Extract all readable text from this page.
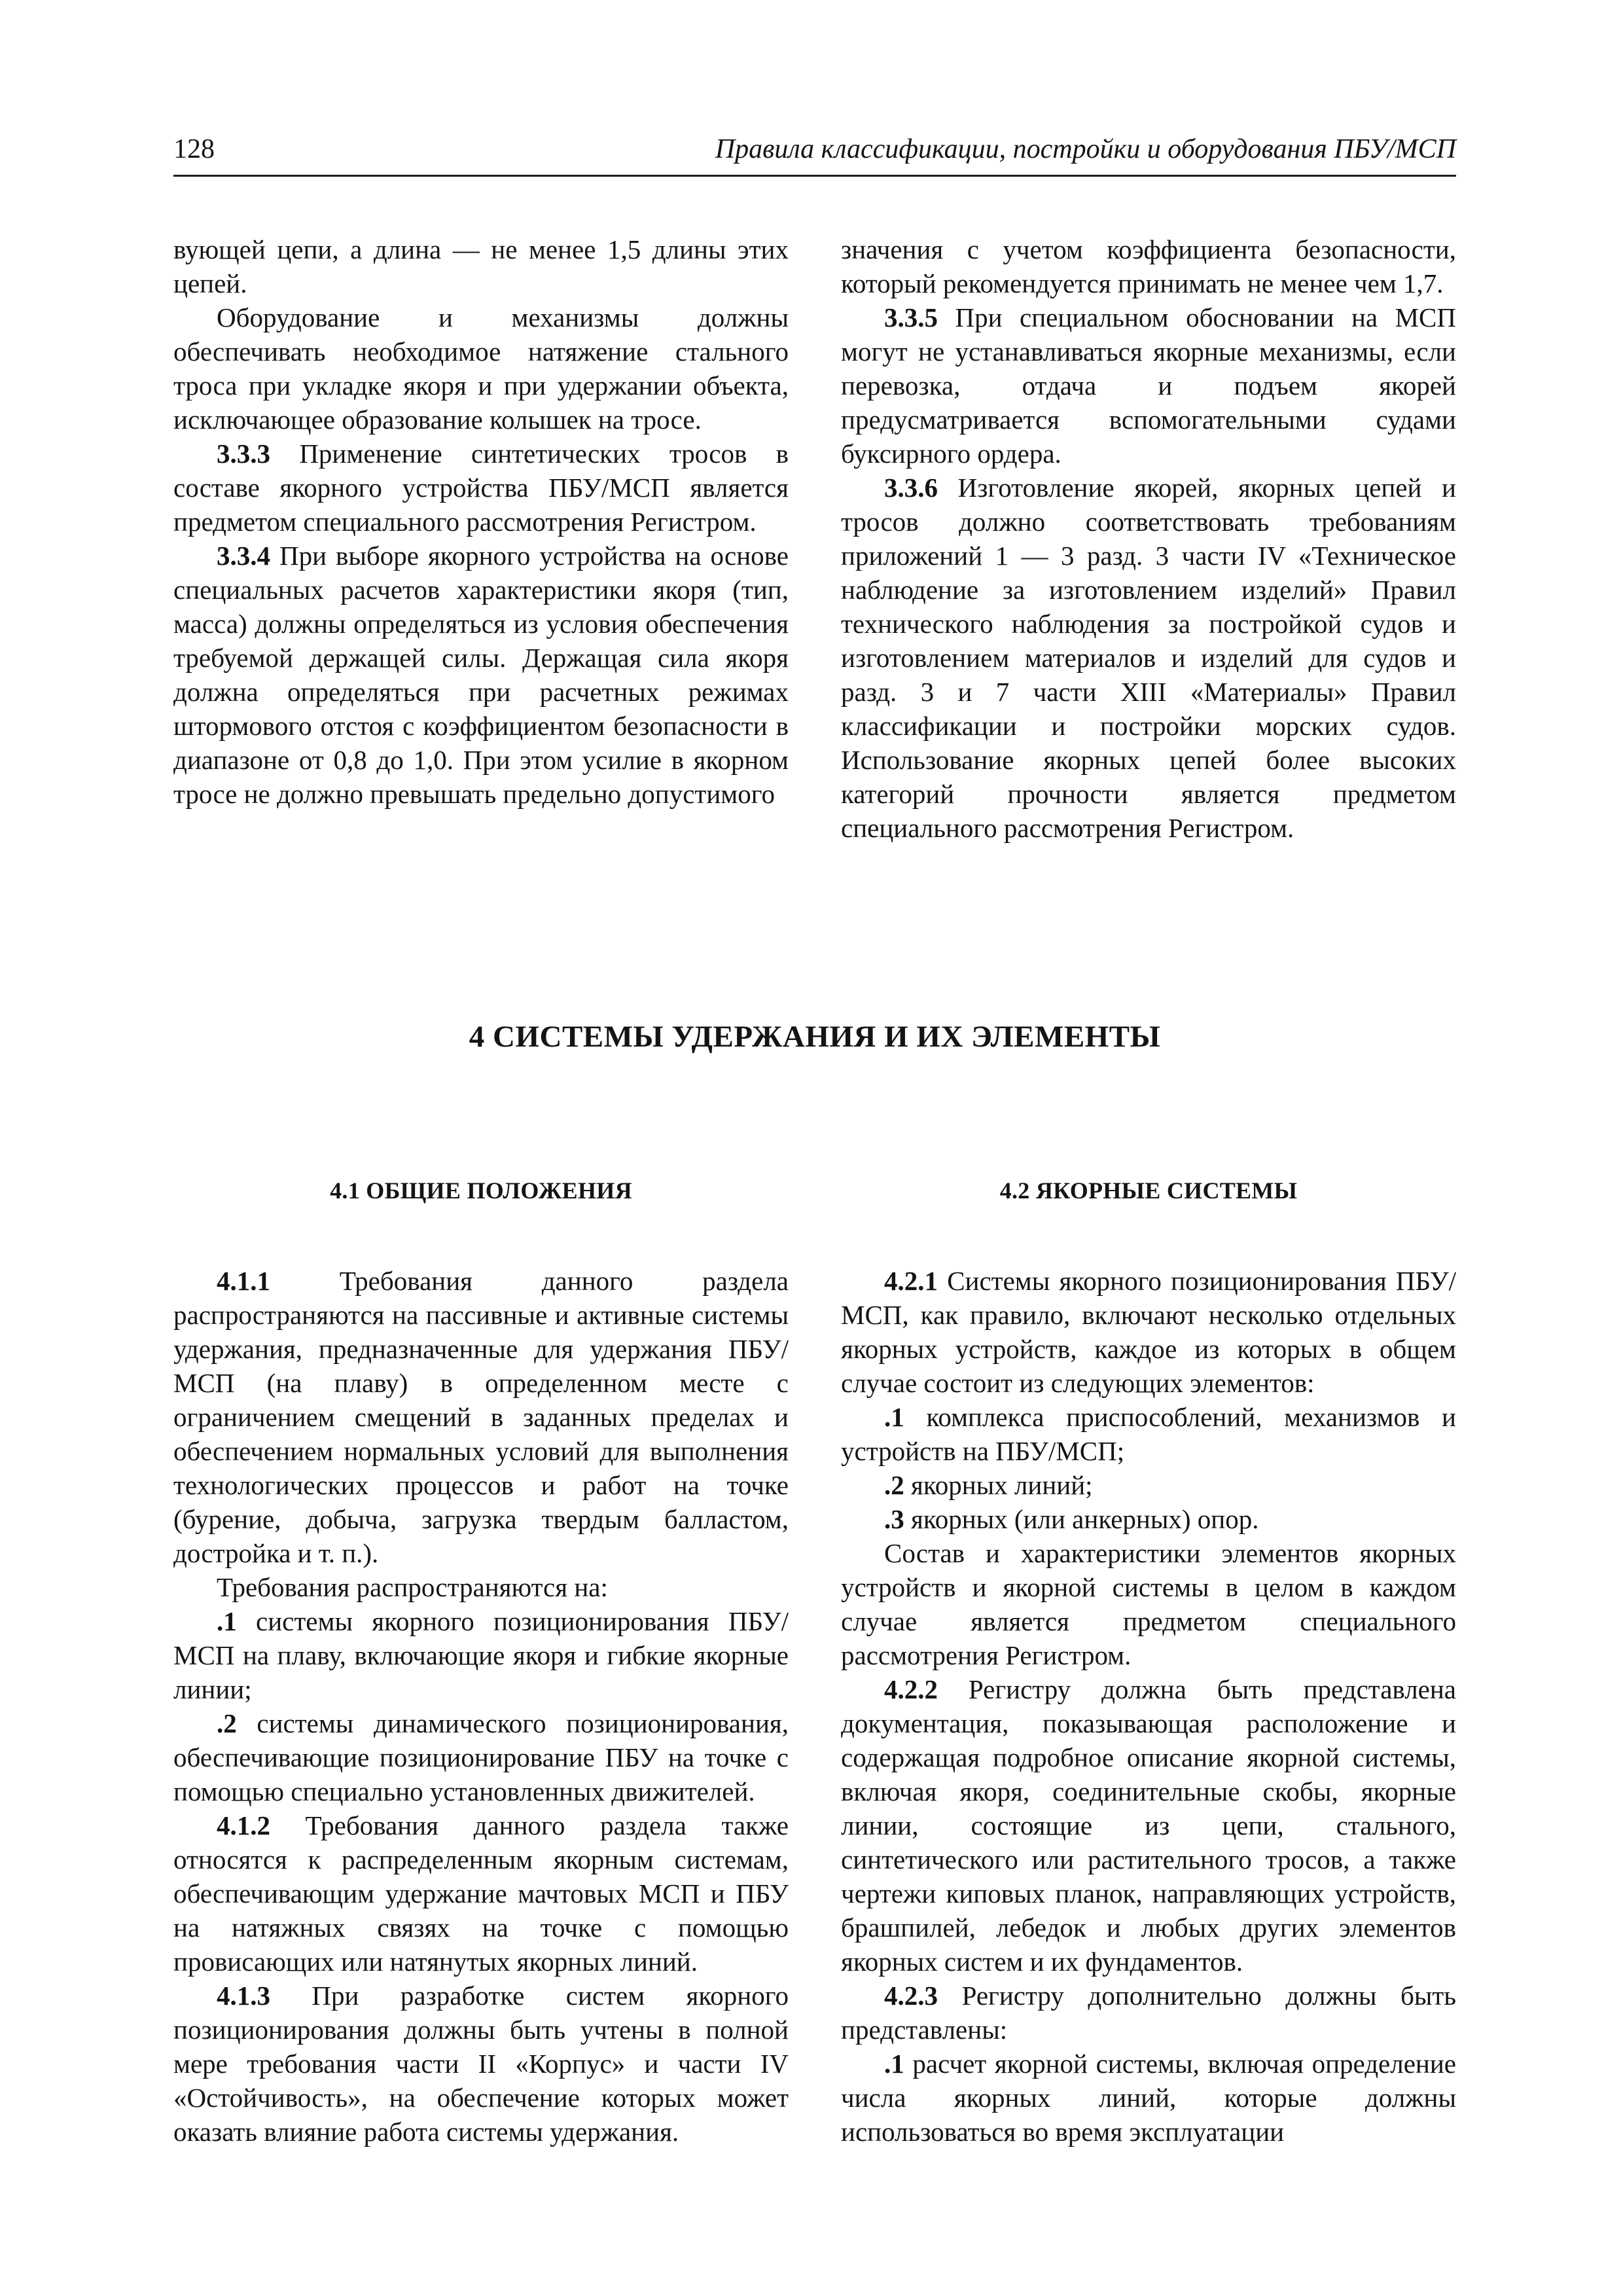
128	Правила классификации, постройки и оборудования ПБУ/МСП

вующей цепи, а длина — не менее 1,5 длины этих цепей.

Оборудование и механизмы должны обеспечивать необходимое натяжение стального троса при укладке якоря и при удержании объекта, исключающее образование колышек на тросе.

3.3.3 Применение синтетических тросов в составе якорного устройства ПБУ/МСП является предметом специального рассмотрения Регистром.

3.3.4 При выборе якорного устройства на основе специальных расчетов характеристики якоря (тип, масса) должны определяться из условия обеспечения требуемой держащей силы. Держащая сила якоря должна определяться при расчетных режимах штормового отстоя с коэффициентом безопасности в диапазоне от 0,8 до 1,0. При этом усилие в якорном тросе не должно превышать предельно допустимого

значения с учетом коэффициента безопасности, который рекомендуется принимать не менее чем 1,7.

3.3.5 При специальном обосновании на МСП могут не устанавливаться якорные механизмы, если перевозка, отдача и подъем якорей предусматривается вспомогательными судами буксирного ордера.

3.3.6 Изготовление якорей, якорных цепей и тросов должно соответствовать требованиям приложений 1 — 3 разд. 3 части IV «Техническое наблюдение за изготовлением изделий» Правил технического наблюдения за постройкой судов и изготовлением материалов и изделий для судов и разд. 3 и 7 части XIII «Материалы» Правил классификации и постройки морских судов. Использование якорных цепей более высоких категорий прочности является предметом специального рассмотрения Регистром.

4 СИСТЕМЫ УДЕРЖАНИЯ И ИХ ЭЛЕМЕНТЫ
4.1 ОБЩИЕ ПОЛОЖЕНИЯ

4.1.1	Требования данного раздела распространяются на пассивные и активные системы удержания, предназначенные для удержания ПБУ/МСП (на плаву) в определенном месте с ограничением смещений в заданных пределах и обеспечением нормальных условий для выполнения технологических процессов и работ на точке (бурение, добыча, загрузка твердым балластом, достройка и т. п.).

Требования распространяются на:

.1 системы якорного позиционирования ПБУ/МСП на плаву, включающие якоря и гибкие якорные линии;

.2 системы динамического позиционирования, обеспечивающие позиционирование ПБУ на точке с помощью специально установленных движителей.

4.1.2 Требования данного раздела также относятся к распределенным якорным системам, обеспечивающим удержание мачтовых МСП и ПБУ на натяжных связях на точке с помощью провисающих или натянутых якорных линий.

4.1.3 При разработке систем якорного позиционирования должны быть учтены в полной мере требования части II «Корпус» и части IV «Остойчивость», на обеспечение которых может оказать влияние работа системы удержания.

4.2 ЯКОРНЫЕ СИСТЕМЫ

4.2.1 Системы якорного позиционирования ПБУ/МСП, как правило, включают несколько отдельных якорных устройств, каждое из которых в общем случае состоит из следующих элементов:

.1 комплекса приспособлений, механизмов и устройств на ПБУ/МСП;

.2 якорных линий;

.3 якорных (или анкерных) опор.

Состав и характеристики элементов якорных устройств и якорной системы в целом в каждом случае является предметом специального рассмотрения Регистром.

4.2.2 Регистру должна быть представлена документация, показывающая расположение и содержащая подробное описание якорной системы, включая якоря, соединительные скобы, якорные линии, состоящие из цепи, стального, синтетического или растительного тросов, а также чертежи киповых планок, направляющих устройств, брашпилей, лебедок и любых других элементов якорных систем и их фундаментов.

4.2.3 Регистру дополнительно должны быть представлены:

.1 расчет якорной системы, включая определение числа якорных линий, которые должны использоваться во время эксплуатации
